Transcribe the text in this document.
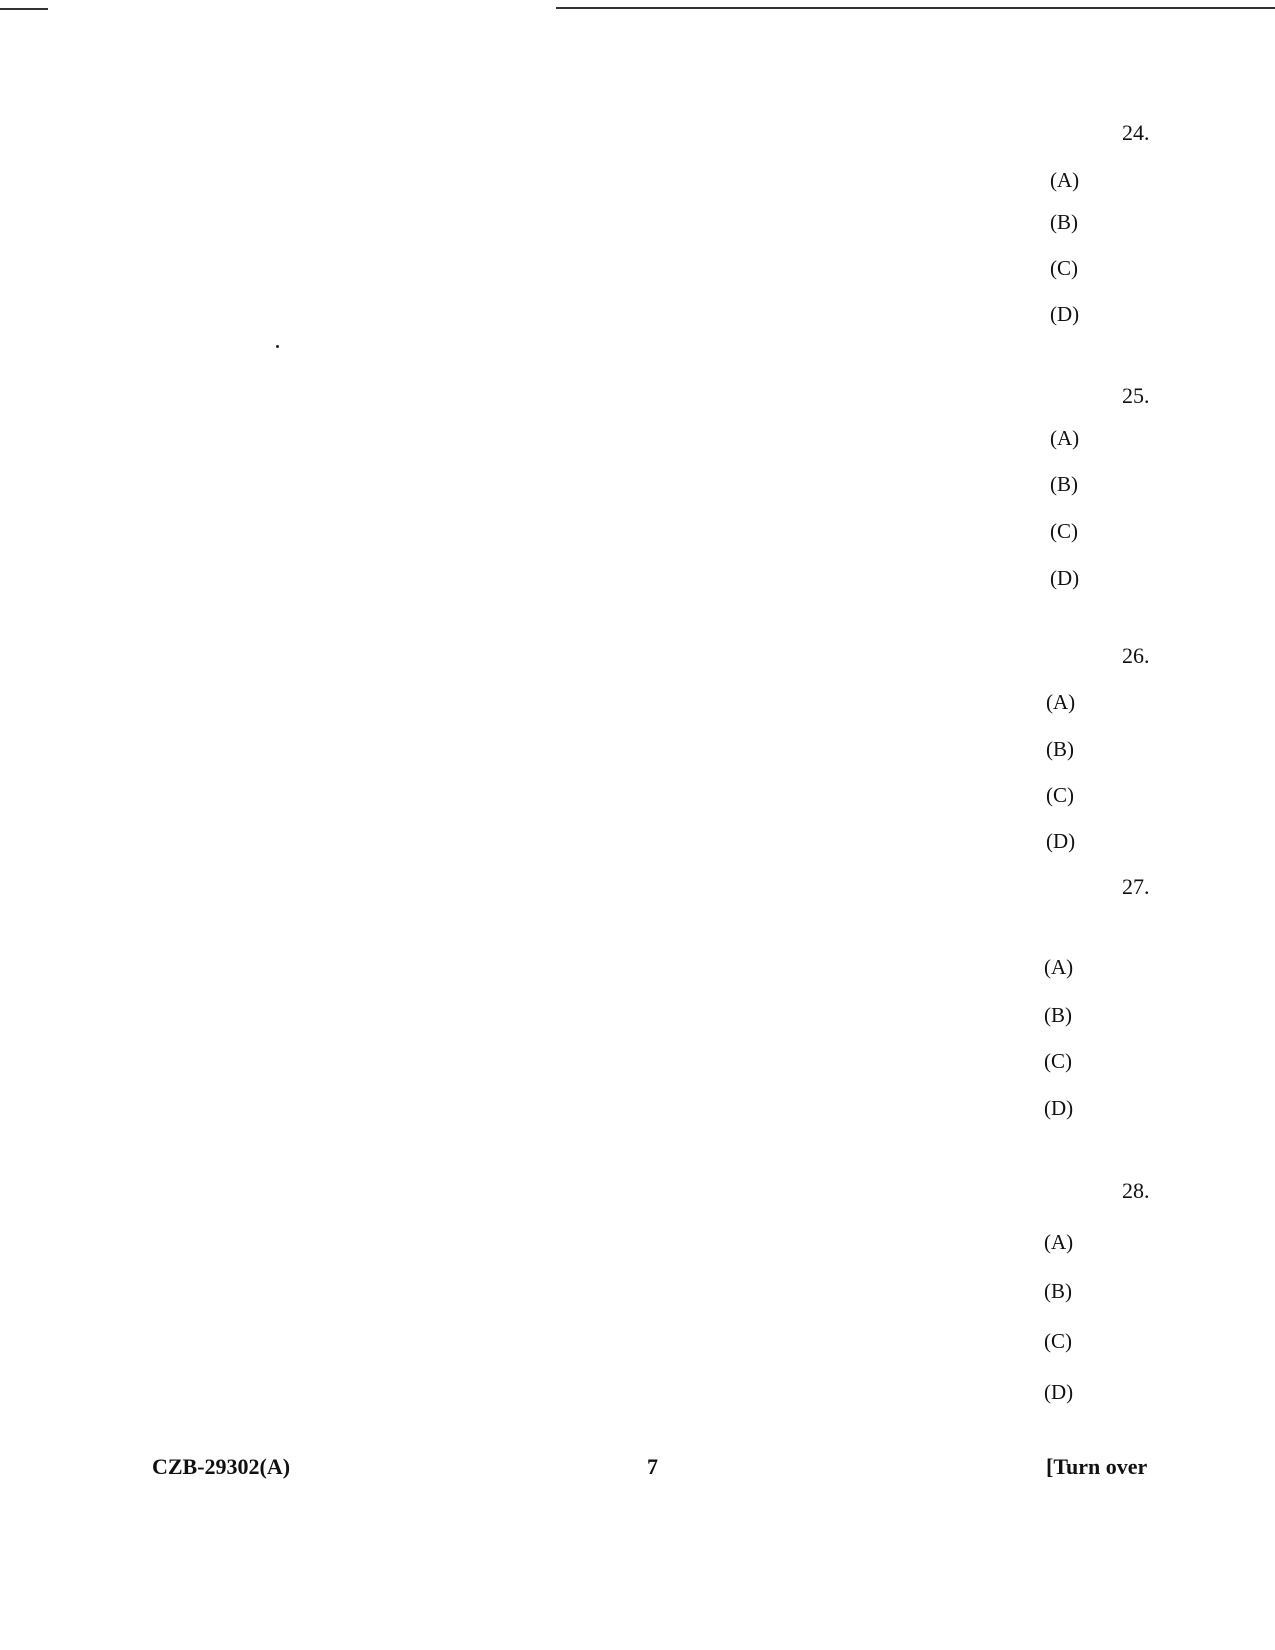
24.
(A)
(B)
(C)
(D)
25.
(A)
(B)
(C)
(D)
26.
(A)
(B)
(C)
(D)
27.
(A)
(B)
(C)
(D)
28.
(A)
(B)
(C)
(D)
CZB-29302(A)	7	[Turn over
